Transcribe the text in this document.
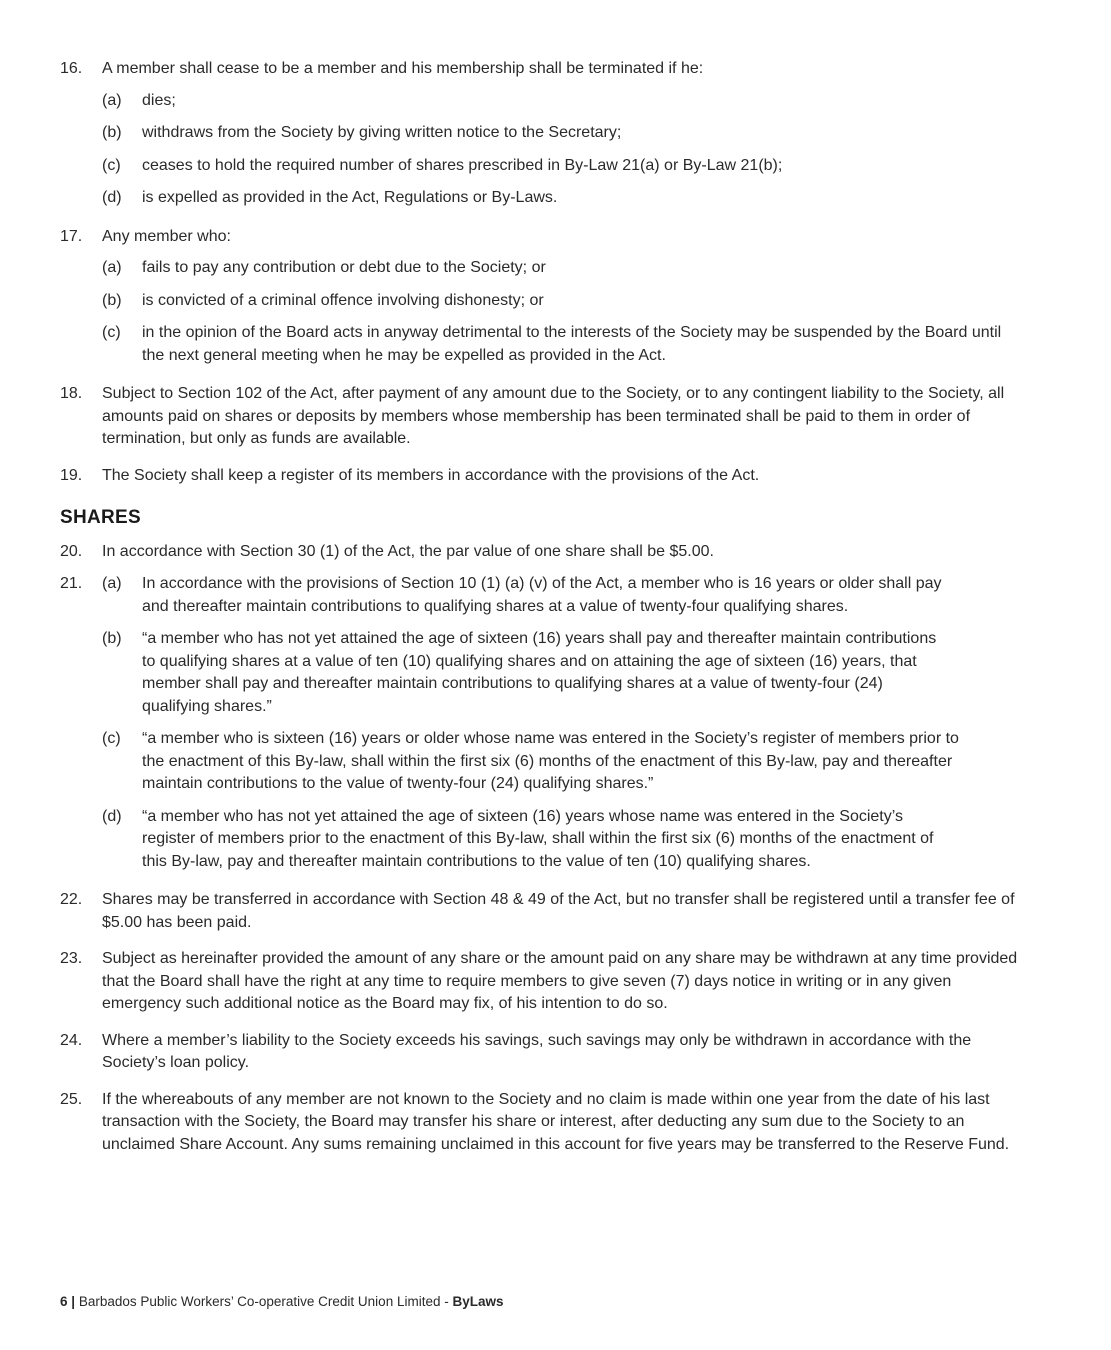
16. A member shall cease to be a member and his membership shall be terminated if he:
(a) dies;
(b) withdraws from the Society by giving written notice to the Secretary;
(c) ceases to hold the required number of shares prescribed in By-Law 21(a) or By-Law 21(b);
(d) is expelled as provided in the Act, Regulations or By-Laws.
17. Any member who:
(a) fails to pay any contribution or debt due to the Society; or
(b) is convicted of a criminal offence involving dishonesty; or
(c) in the opinion of the Board acts in anyway detrimental to the interests of the Society may be suspended by the Board until the next general meeting when he may be expelled as provided in the Act.
18. Subject to Section 102 of the Act, after payment of any amount due to the Society, or to any contingent liability to the Society, all amounts paid on shares or deposits by members whose membership has been terminated shall be paid to them in order of termination, but only as funds are available.
19. The Society shall keep a register of its members in accordance with the provisions of the Act.
SHARES
20. In accordance with Section 30 (1) of the Act, the par value of one share shall be $5.00.
21. (a) In accordance with the provisions of Section 10 (1) (a) (v) of the Act, a member who is 16 years or older shall pay and thereafter maintain contributions to qualifying shares at a value of twenty-four qualifying shares.
(b) “a member who has not yet attained the age of sixteen (16) years shall pay and thereafter maintain contributions to qualifying shares at a value of ten (10) qualifying shares and on attaining the age of sixteen (16) years, that member shall pay and thereafter maintain contributions to qualifying shares at a value of twenty-four (24) qualifying shares.”
(c) “a member who is sixteen (16) years or older whose name was entered in the Society’s register of members prior to the enactment of this By-law, shall within the first six (6) months of the enactment of this By-law, pay and thereafter maintain contributions to the value of twenty-four (24) qualifying shares.”
(d) “a member who has not yet attained the age of sixteen (16) years whose name was entered in the Society’s register of members prior to the enactment of this By-law, shall within the first six (6) months of the enactment of this By-law, pay and thereafter maintain contributions to the value of ten (10) qualifying shares.
22. Shares may be transferred in accordance with Section 48 & 49 of the Act, but no transfer shall be registered until a transfer fee of $5.00 has been paid.
23. Subject as hereinafter provided the amount of any share or the amount paid on any share may be withdrawn at any time provided that the Board shall have the right at any time to require members to give seven (7) days notice in writing or in any given emergency such additional notice as the Board may fix, of his intention to do so.
24. Where a member’s liability to the Society exceeds his savings, such savings may only be withdrawn in accordance with the Society’s loan policy.
25. If the whereabouts of any member are not known to the Society and no claim is made within one year from the date of his last transaction with the Society, the Board may transfer his share or interest, after deducting any sum due to the Society to an unclaimed Share Account. Any sums remaining unclaimed in this account for five years may be transferred to the Reserve Fund.
6 | Barbados Public Workers’ Co-operative Credit Union Limited - ByLaws
